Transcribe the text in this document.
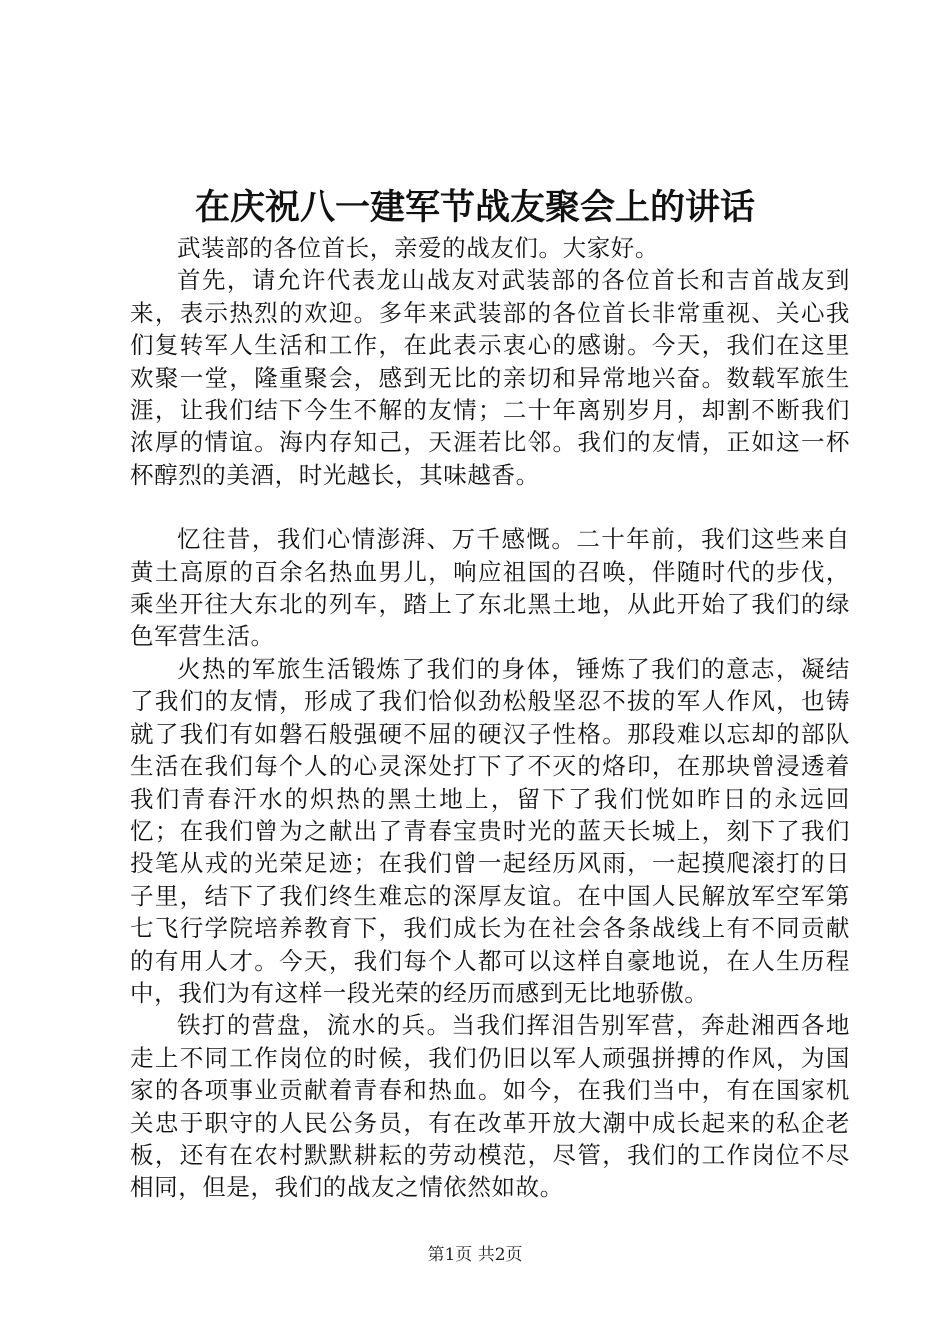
在庆祝八一建军节战友聚会上的讲话

武装部的各位首长，亲爱的战友们。大家好。

首先，请允许代表龙山战友对武装部的各位首长和吉首战友到来，表示热烈的欢迎。多年来武装部的各位首长非常重视、关心我们复转军人生活和工作，在此表示衷心的感谢。今天，我们在这里欢聚一堂，隆重聚会，感到无比的亲切和异常地兴奋。数载军旅生涯，让我们结下今生不解的友情；二十年离别岁月，却割不断我们浓厚的情谊。海内存知己，天涯若比邻。我们的友情，正如这一杯杯醇烈的美酒，时光越长，其味越香。

忆往昔，我们心情澎湃、万千感慨。二十年前，我们这些来自黄土高原的百余名热血男儿，响应祖国的召唤，伴随时代的步伐，乘坐开往大东北的列车，踏上了东北黑土地，从此开始了我们的绿色军营生活。

火热的军旅生活锻炼了我们的身体，锤炼了我们的意志，凝结了我们的友情，形成了我们恰似劲松般坚忍不拔的军人作风，也铸就了我们有如磐石般强硬不屈的硬汉子性格。那段难以忘却的部队生活在我们每个人的心灵深处打下了不灭的烙印，在那块曾浸透着我们青春汗水的炽热的黑土地上，留下了我们恍如昨日的永远回忆；在我们曾为之献出了青春宝贵时光的蓝天长城上，刻下了我们投笔从戎的光荣足迹；在我们曾一起经历风雨，一起摸爬滚打的日子里，结下了我们终生难忘的深厚友谊。在中国人民解放军空军第七飞行学院培养教育下，我们成长为在社会各条战线上有不同贡献的有用人才。今天，我们每个人都可以这样自豪地说，在人生历程中，我们为有这样一段光荣的经历而感到无比地骄傲。

铁打的营盘，流水的兵。当我们挥泪告别军营，奔赴湘西各地走上不同工作岗位的时候，我们仍旧以军人顽强拼搏的作风，为国家的各项事业贡献着青春和热血。如今，在我们当中，有在国家机关忠于职守的人民公务员，有在改革开放大潮中成长起来的私企老板，还有在农村默默耕耘的劳动模范，尽管，我们的工作岗位不尽相同，但是，我们的战友之情依然如故。

第1页 共2页
